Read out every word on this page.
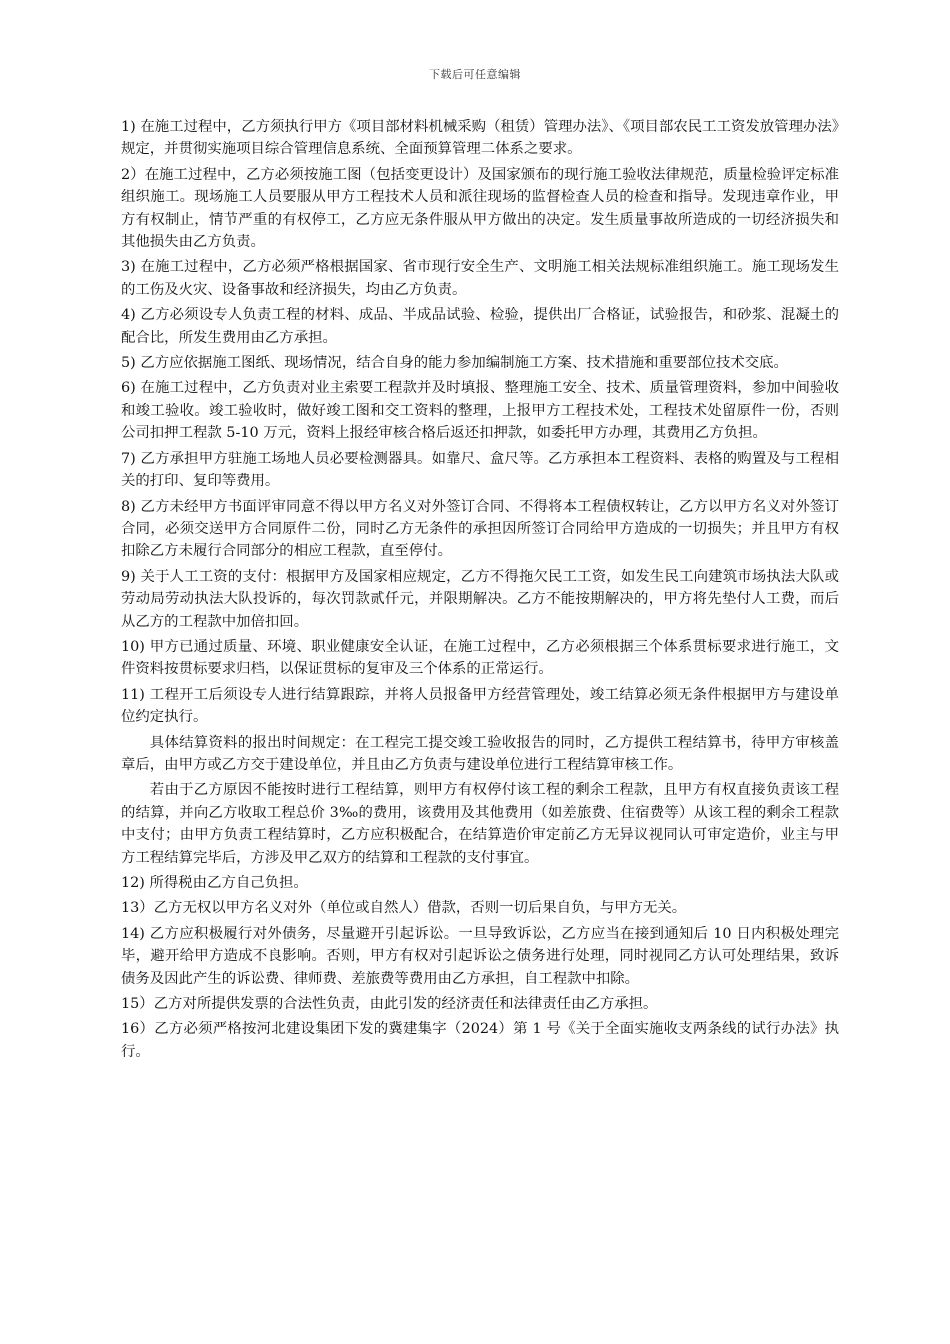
下载后可任意编辑

1) 在施工过程中，乙方须执行甲方《项目部材料机械采购（租赁）管理办法》、《项目部农民工工资发放管理办法》规定，并贯彻实施项目综合管理信息系统、全面预算管理二体系之要求。

2）在施工过程中，乙方必须按施工图（包括变更设计）及国家颁布的现行施工验收法律规范，质量检验评定标准组织施工。现场施工人员要服从甲方工程技术人员和派往现场的监督检查人员的检查和指导。发现违章作业，甲方有权制止，情节严重的有权停工，乙方应无条件服从甲方做出的决定。发生质量事故所造成的一切经济损失和其他损失由乙方负责。

3) 在施工过程中，乙方必须严格根据国家、省市现行安全生产、文明施工相关法规标准组织施工。施工现场发生的工伤及火灾、设备事故和经济损失，均由乙方负责。

4) 乙方必须设专人负责工程的材料、成品、半成品试验、检验，提供出厂合格证，试验报告，和砂浆、混凝土的配合比，所发生费用由乙方承担。

5) 乙方应依据施工图纸、现场情况，结合自身的能力参加编制施工方案、技术措施和重要部位技术交底。

6) 在施工过程中，乙方负责对业主索要工程款并及时填报、整理施工安全、技术、质量管理资料，参加中间验收和竣工验收。竣工验收时，做好竣工图和交工资料的整理，上报甲方工程技术处，工程技术处留原件一份，否则公司扣押工程款 5-10 万元，资料上报经审核合格后返还扣押款，如委托甲方办理，其费用乙方负担。

7) 乙方承担甲方驻施工场地人员必要检测器具。如靠尺、盒尺等。乙方承担本工程资料、表格的购置及与工程相关的打印、复印等费用。

8) 乙方未经甲方书面评审同意不得以甲方名义对外签订合同、不得将本工程债权转让，乙方以甲方名义对外签订合同，必须交送甲方合同原件二份，同时乙方无条件的承担因所签订合同给甲方造成的一切损失；并且甲方有权扣除乙方未履行合同部分的相应工程款，直至停付。

9) 关于人工工资的支付：根据甲方及国家相应规定，乙方不得拖欠民工工资，如发生民工向建筑市场执法大队或劳动局劳动执法大队投诉的，每次罚款贰仟元，并限期解决。乙方不能按期解决的，甲方将先垫付人工费，而后从乙方的工程款中加倍扣回。

10) 甲方已通过质量、环境、职业健康安全认证，在施工过程中，乙方必须根据三个体系贯标要求进行施工，文件资料按贯标要求归档，以保证贯标的复审及三个体系的正常运行。

11) 工程开工后须设专人进行结算跟踪，并将人员报备甲方经营管理处，竣工结算必须无条件根据甲方与建设单位约定执行。

具体结算资料的报出时间规定：在工程完工提交竣工验收报告的同时，乙方提供工程结算书，待甲方审核盖章后，由甲方或乙方交于建设单位，并且由乙方负责与建设单位进行工程结算审核工作。

若由于乙方原因不能按时进行工程结算，则甲方有权停付该工程的剩余工程款，且甲方有权直接负责该工程的结算，并向乙方收取工程总价 3‰的费用，该费用及其他费用（如差旅费、住宿费等）从该工程的剩余工程款中支付；由甲方负责工程结算时，乙方应积极配合，在结算造价审定前乙方无异议视同认可审定造价，业主与甲方工程结算完毕后，方涉及甲乙双方的结算和工程款的支付事宜。

12) 所得税由乙方自己负担。

13）乙方无权以甲方名义对外（单位或自然人）借款，否则一切后果自负，与甲方无关。

14) 乙方应积极履行对外债务，尽量避开引起诉讼。一旦导致诉讼，乙方应当在接到通知后 10 日内积极处理完毕，避开给甲方造成不良影响。否则，甲方有权对引起诉讼之债务进行处理，同时视同乙方认可处理结果，致诉债务及因此产生的诉讼费、律师费、差旅费等费用由乙方承担，自工程款中扣除。

15）乙方对所提供发票的合法性负责，由此引发的经济责任和法律责任由乙方承担。

16）乙方必须严格按河北建设集团下发的冀建集字（2024）第 1 号《关于全面实施收支两条线的试行办法》执行。
